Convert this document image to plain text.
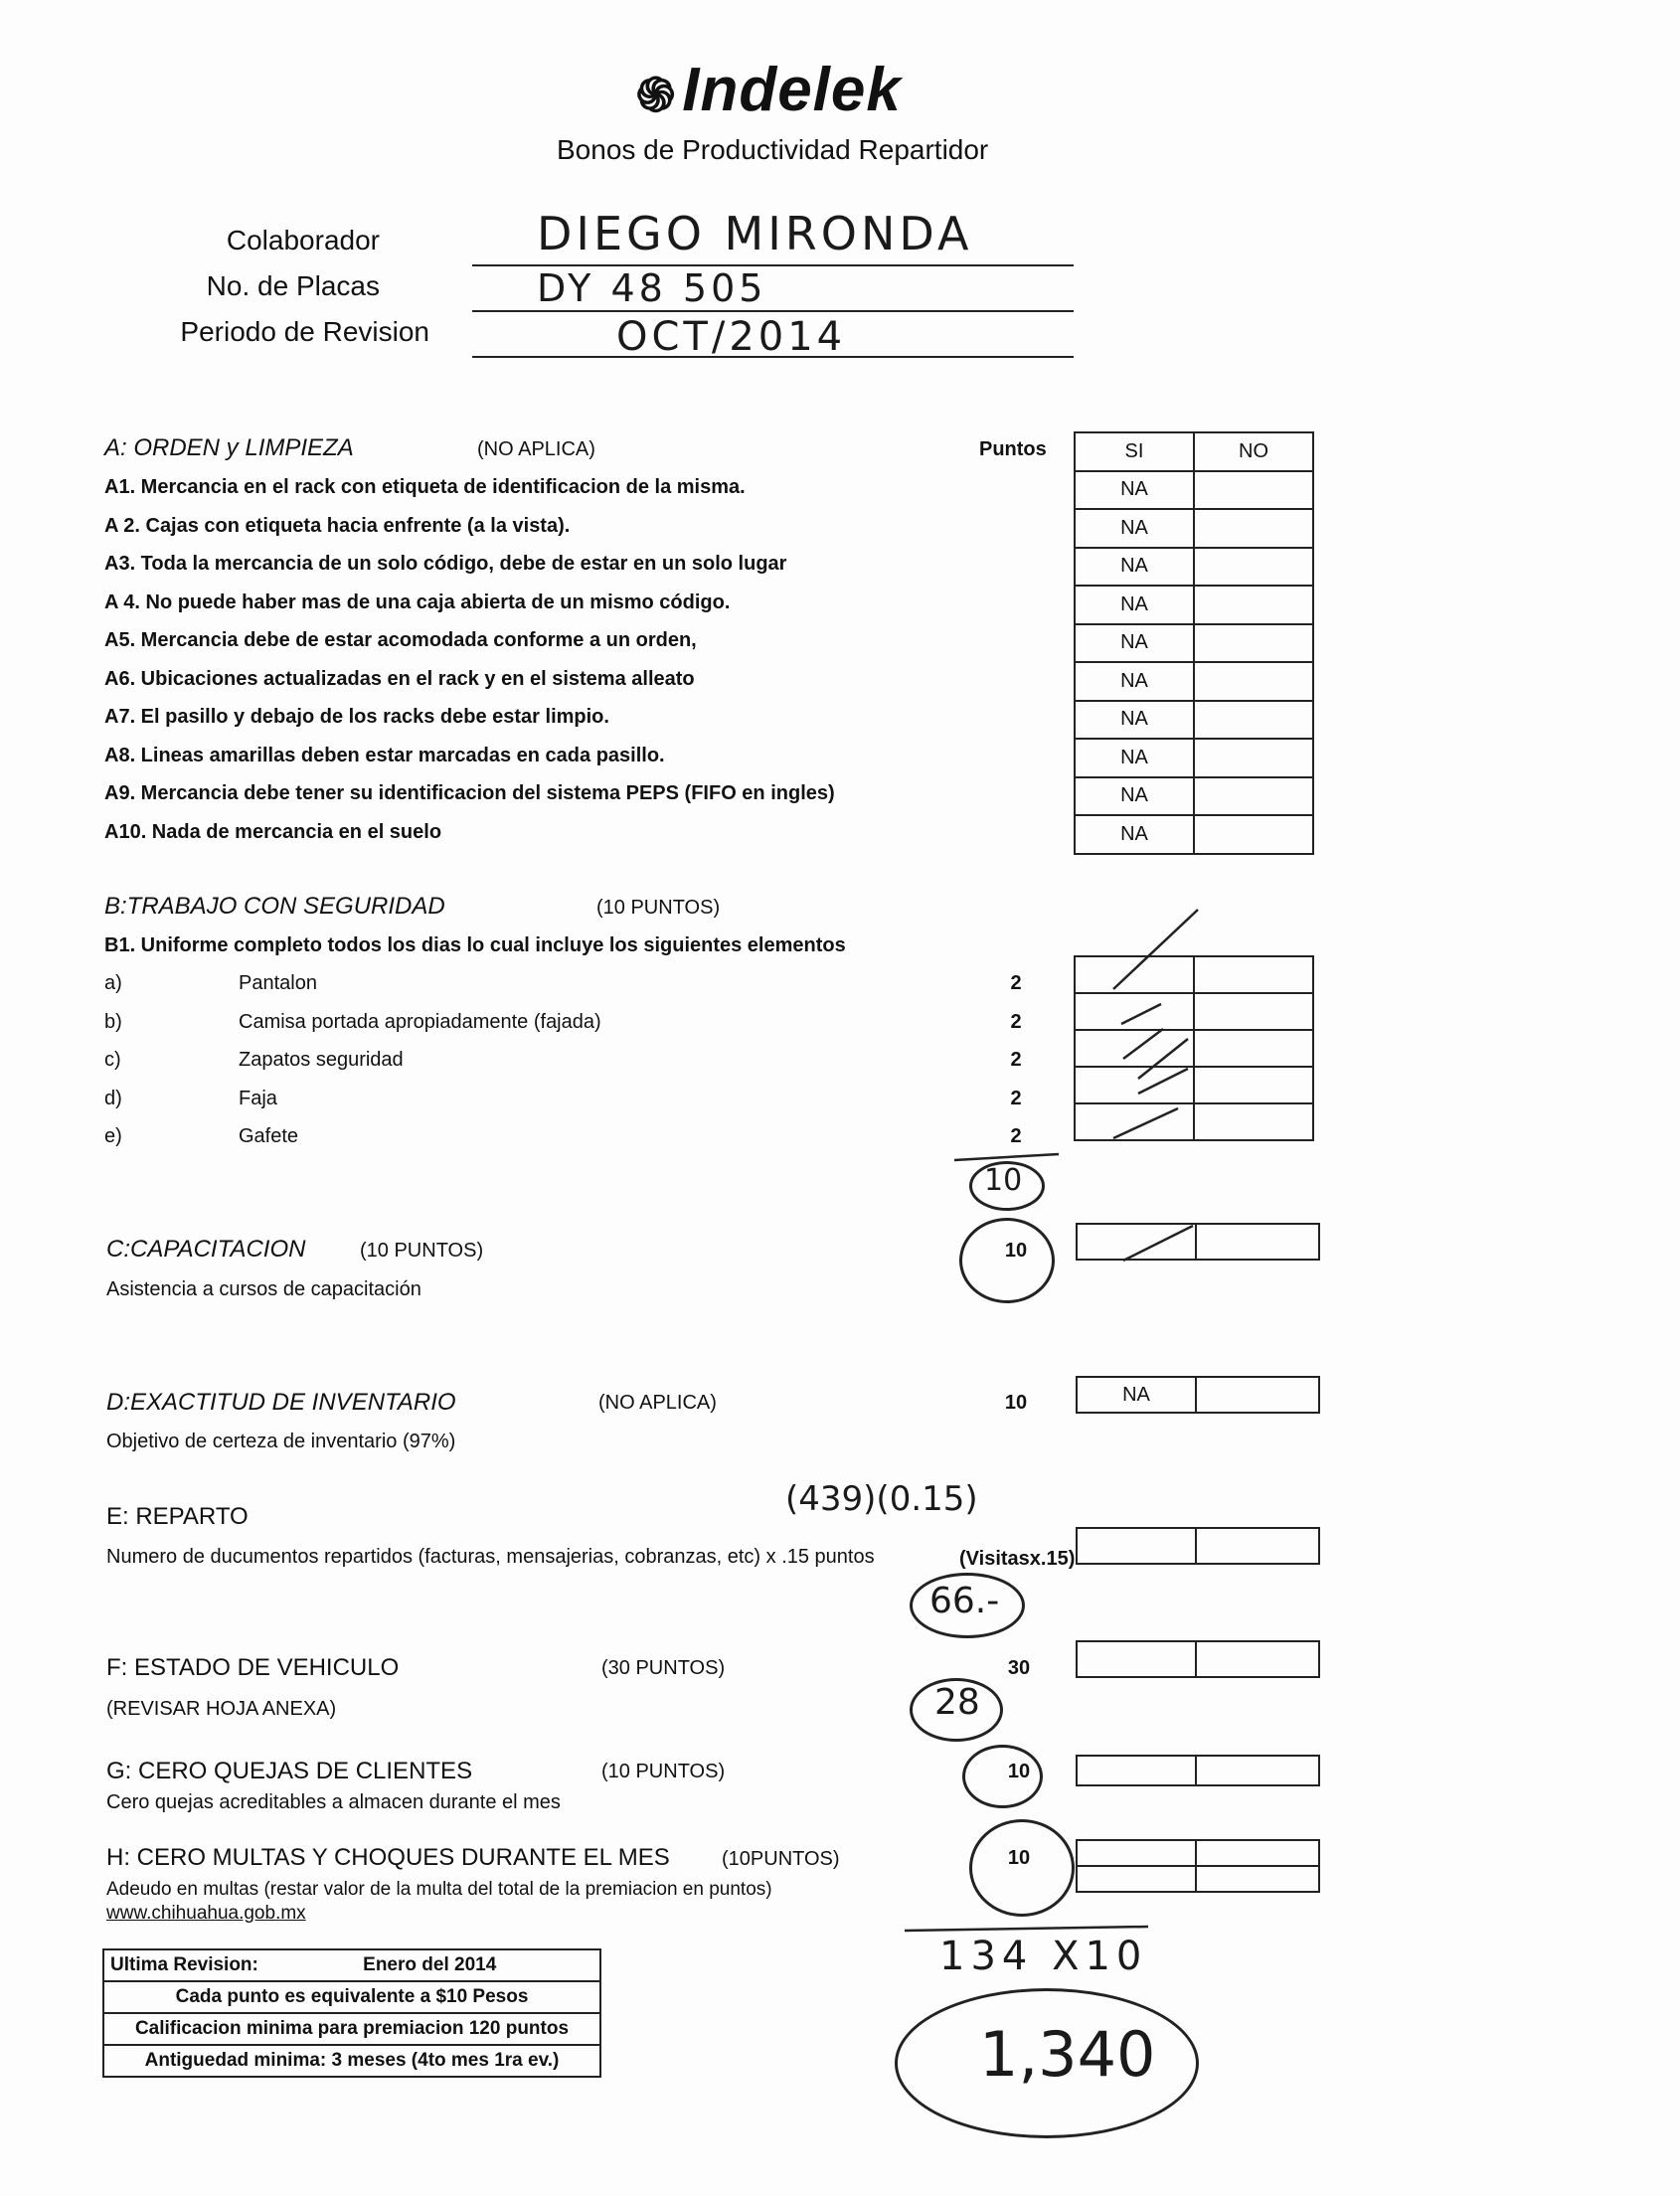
֍Indelek
Bonos de Productividad Repartidor
Colaborador
No. de Placas
Periodo de Revision
DIEGO MIRONDA
DY 48 505
OCT/2014
A: ORDEN y LIMPIEZA	(NO APLICA)	Puntos
A1. Mercancia en el rack con etiqueta de identificacion de la misma.
A 2. Cajas con etiqueta hacia enfrente (a la vista).
A3. Toda la mercancia de un solo código, debe de estar en un solo lugar
A 4. No puede haber mas de una caja abierta de un mismo código.
A5. Mercancia debe de estar acomodada conforme a un orden,
A6. Ubicaciones actualizadas en el rack y en el sistema alleato
A7. El pasillo y debajo de los racks debe estar limpio.
A8. Lineas amarillas deben estar marcadas en cada pasillo.
A9. Mercancia debe tener su identificacion del sistema PEPS (FIFO en ingles)
A10. Nada de mercancia en el suelo
SI	NO
NA	
NA	
NA	
NA	
NA	
NA	
NA	
NA	
NA	
NA	
B:TRABAJO CON SEGURIDAD	(10 PUNTOS)
B1. Uniforme completo todos los dias lo cual incluye los siguientes elementos
a)	Pantalon	2
b)	Camisa portada apropiadamente (fajada)	2
c)	Zapatos seguridad	2
d)	Faja	2
e)	Gafete	2

10
C:CAPACITACION	(10 PUNTOS)
Asistencia a cursos de capacitación
10
D:EXACTITUD DE INVENTARIO	(NO APLICA)
Objetivo de certeza de inventario (97%)
10	NA
E: REPARTO
Numero de ducumentos repartidos (facturas, mensajerias, cobranzas, etc) x .15 puntos	(Visitasx.15)
(439)(0.15)
66.-
F: ESTADO DE VEHICULO	(30 PUNTOS)
(REVISAR HOJA ANEXA)
30
28
G: CERO QUEJAS DE CLIENTES	(10 PUNTOS)
Cero quejas acreditables a almacen durante el mes
10
H: CERO MULTAS Y CHOQUES DURANTE EL MES	(10PUNTOS)
Adeudo en multas (restar valor de la multa del total de la premiacion en puntos)
www.chihuahua.gob.mx
10
134 X10
1,340
Ultima Revision:	Enero del 2014
Cada punto es equivalente a $10 Pesos
Calificacion minima para premiacion 120 puntos
Antiguedad minima: 3 meses (4to mes 1ra ev.)
